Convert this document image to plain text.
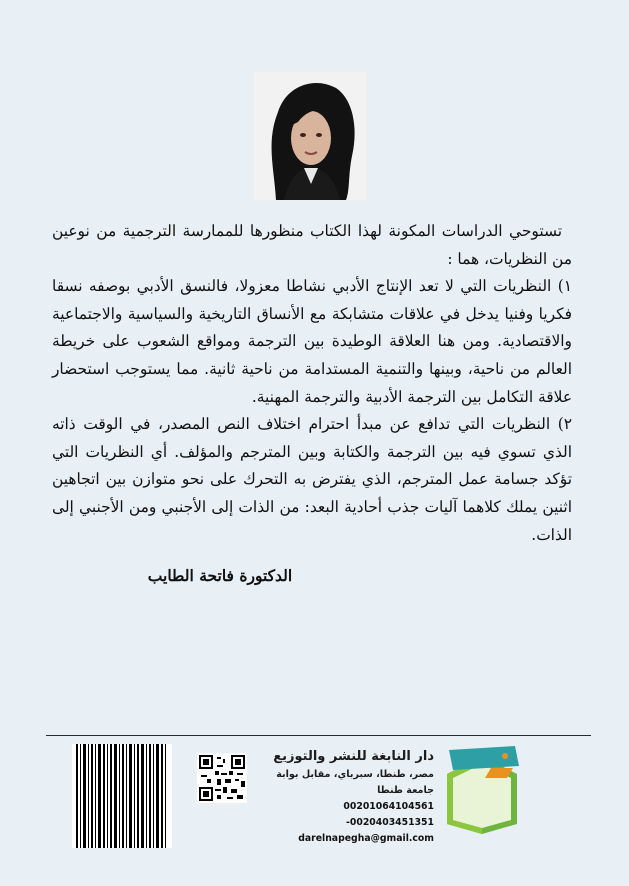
تستوحي الدراسات المكونة لهذا الكتاب منظورها للممارسة الترجمية من نوعين من النظريات، هما :

١) النظريات التي لا تعد الإنتاج الأدبي نشاطا معزولا، فالنسق الأدبي بوصفه نسقا فكريا وفنيا يدخل في علاقات متشابكة مع الأنساق التاريخية والسياسية والاجتماعية والاقتصادية. ومن هنا العلاقة الوطيدة بين الترجمة ومواقع الشعوب على خريطة العالم من ناحية، وبينها والتنمية المستدامة من ناحية ثانية. مما يستوجب استحضار علاقة التكامل بين الترجمة الأدبية والترجمة المهنية.

٢) النظريات التي تدافع عن مبدأ احترام اختلاف النص المصدر، في الوقت ذاته الذي تسوي فيه بين الترجمة والكتابة وبين المترجم والمؤلف. أي النظريات التي تؤكد جسامة عمل المترجم، الذي يفترض به التحرك على نحو متوازن بين اتجاهين اثنين يملك كلاهما آليات جذب أحادية البعد: من الذات إلى الأجنبي ومن الأجنبي إلى الذات.

الدكتورة فاتحة الطايب
دار النابغة للنشر والتوزيع
مصر، طنطا، سبرباي، مقابل بوابة جامعة طنطا
00201064104561 -0020403451351
darelnapegha@gmail.com
